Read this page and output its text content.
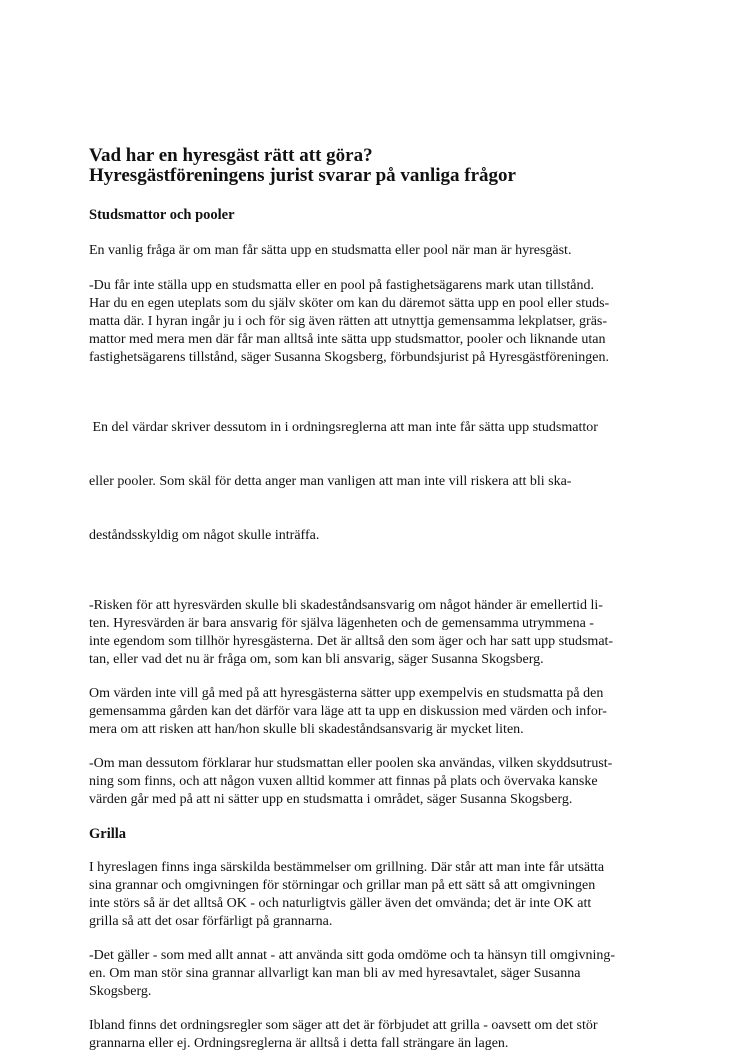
Vad har en hyresgäst rätt att göra?
Hyresgästföreningens jurist svarar på vanliga frågor
Studsmattor och pooler

En vanlig fråga är om man får sätta upp en studsmatta eller pool när man är hyresgäst.

-Du får inte ställa upp en studsmatta eller en pool på fastighetsägarens mark utan tillstånd.
Har du en egen uteplats som du själv sköter om kan du däremot sätta upp en pool eller studs-
matta där. I hyran ingår ju i och för sig även rätten att utnyttja gemensamma lekplatser, gräs-
mattor med mera men där får man alltså inte sätta upp studsmattor, pooler och liknande utan
fastighetsägarens tillstånd, säger Susanna Skogsberg, förbundsjurist på Hyresgästföreningen.

En del värdar skriver dessutom in i ordningsreglerna att man inte får sätta upp studsmattor

eller pooler. Som skäl för detta anger man vanligen att man inte vill riskera att bli ska-

deståndsskyldig om något skulle inträffa.

-Risken för att hyresvärden skulle bli skadeståndsansvarig om något händer är emellertid li-
ten. Hyresvärden är bara ansvarig för själva lägenheten och de gemensamma utrymmena -
inte egendom som tillhör hyresgästerna. Det är alltså den som äger och har satt upp studsmat-
tan, eller vad det nu är fråga om, som kan bli ansvarig, säger Susanna Skogsberg.

Om värden inte vill gå med på att hyresgästerna sätter upp exempelvis en studsmatta på den
gemensamma gården kan det därför vara läge att ta upp en diskussion med värden och infor-
mera om att risken att han/hon skulle bli skadeståndsansvarig är mycket liten.

-Om man dessutom förklarar hur studsmattan eller poolen ska användas, vilken skyddsutrust-
ning som finns, och att någon vuxen alltid kommer att finnas på plats och övervaka kanske
värden går med på att ni sätter upp en studsmatta i området, säger Susanna Skogsberg.

Grilla

I hyreslagen finns inga särskilda bestämmelser om grillning. Där står att man inte får utsätta
sina grannar och omgivningen för störningar och grillar man på ett sätt så att omgivningen
inte störs så är det alltså OK - och naturligtvis gäller även det omvända; det är inte OK att
grilla så att det osar förfärligt på grannarna.

-Det gäller - som med allt annat - att använda sitt goda omdöme och ta hänsyn till omgivning-
en. Om man stör sina grannar allvarligt kan man bli av med hyresavtalet, säger Susanna
Skogsberg.

Ibland finns det ordningsregler som säger att det är förbjudet att grilla - oavsett om det stör
grannarna eller ej. Ordningsreglerna är alltså i detta fall strängare än lagen.
